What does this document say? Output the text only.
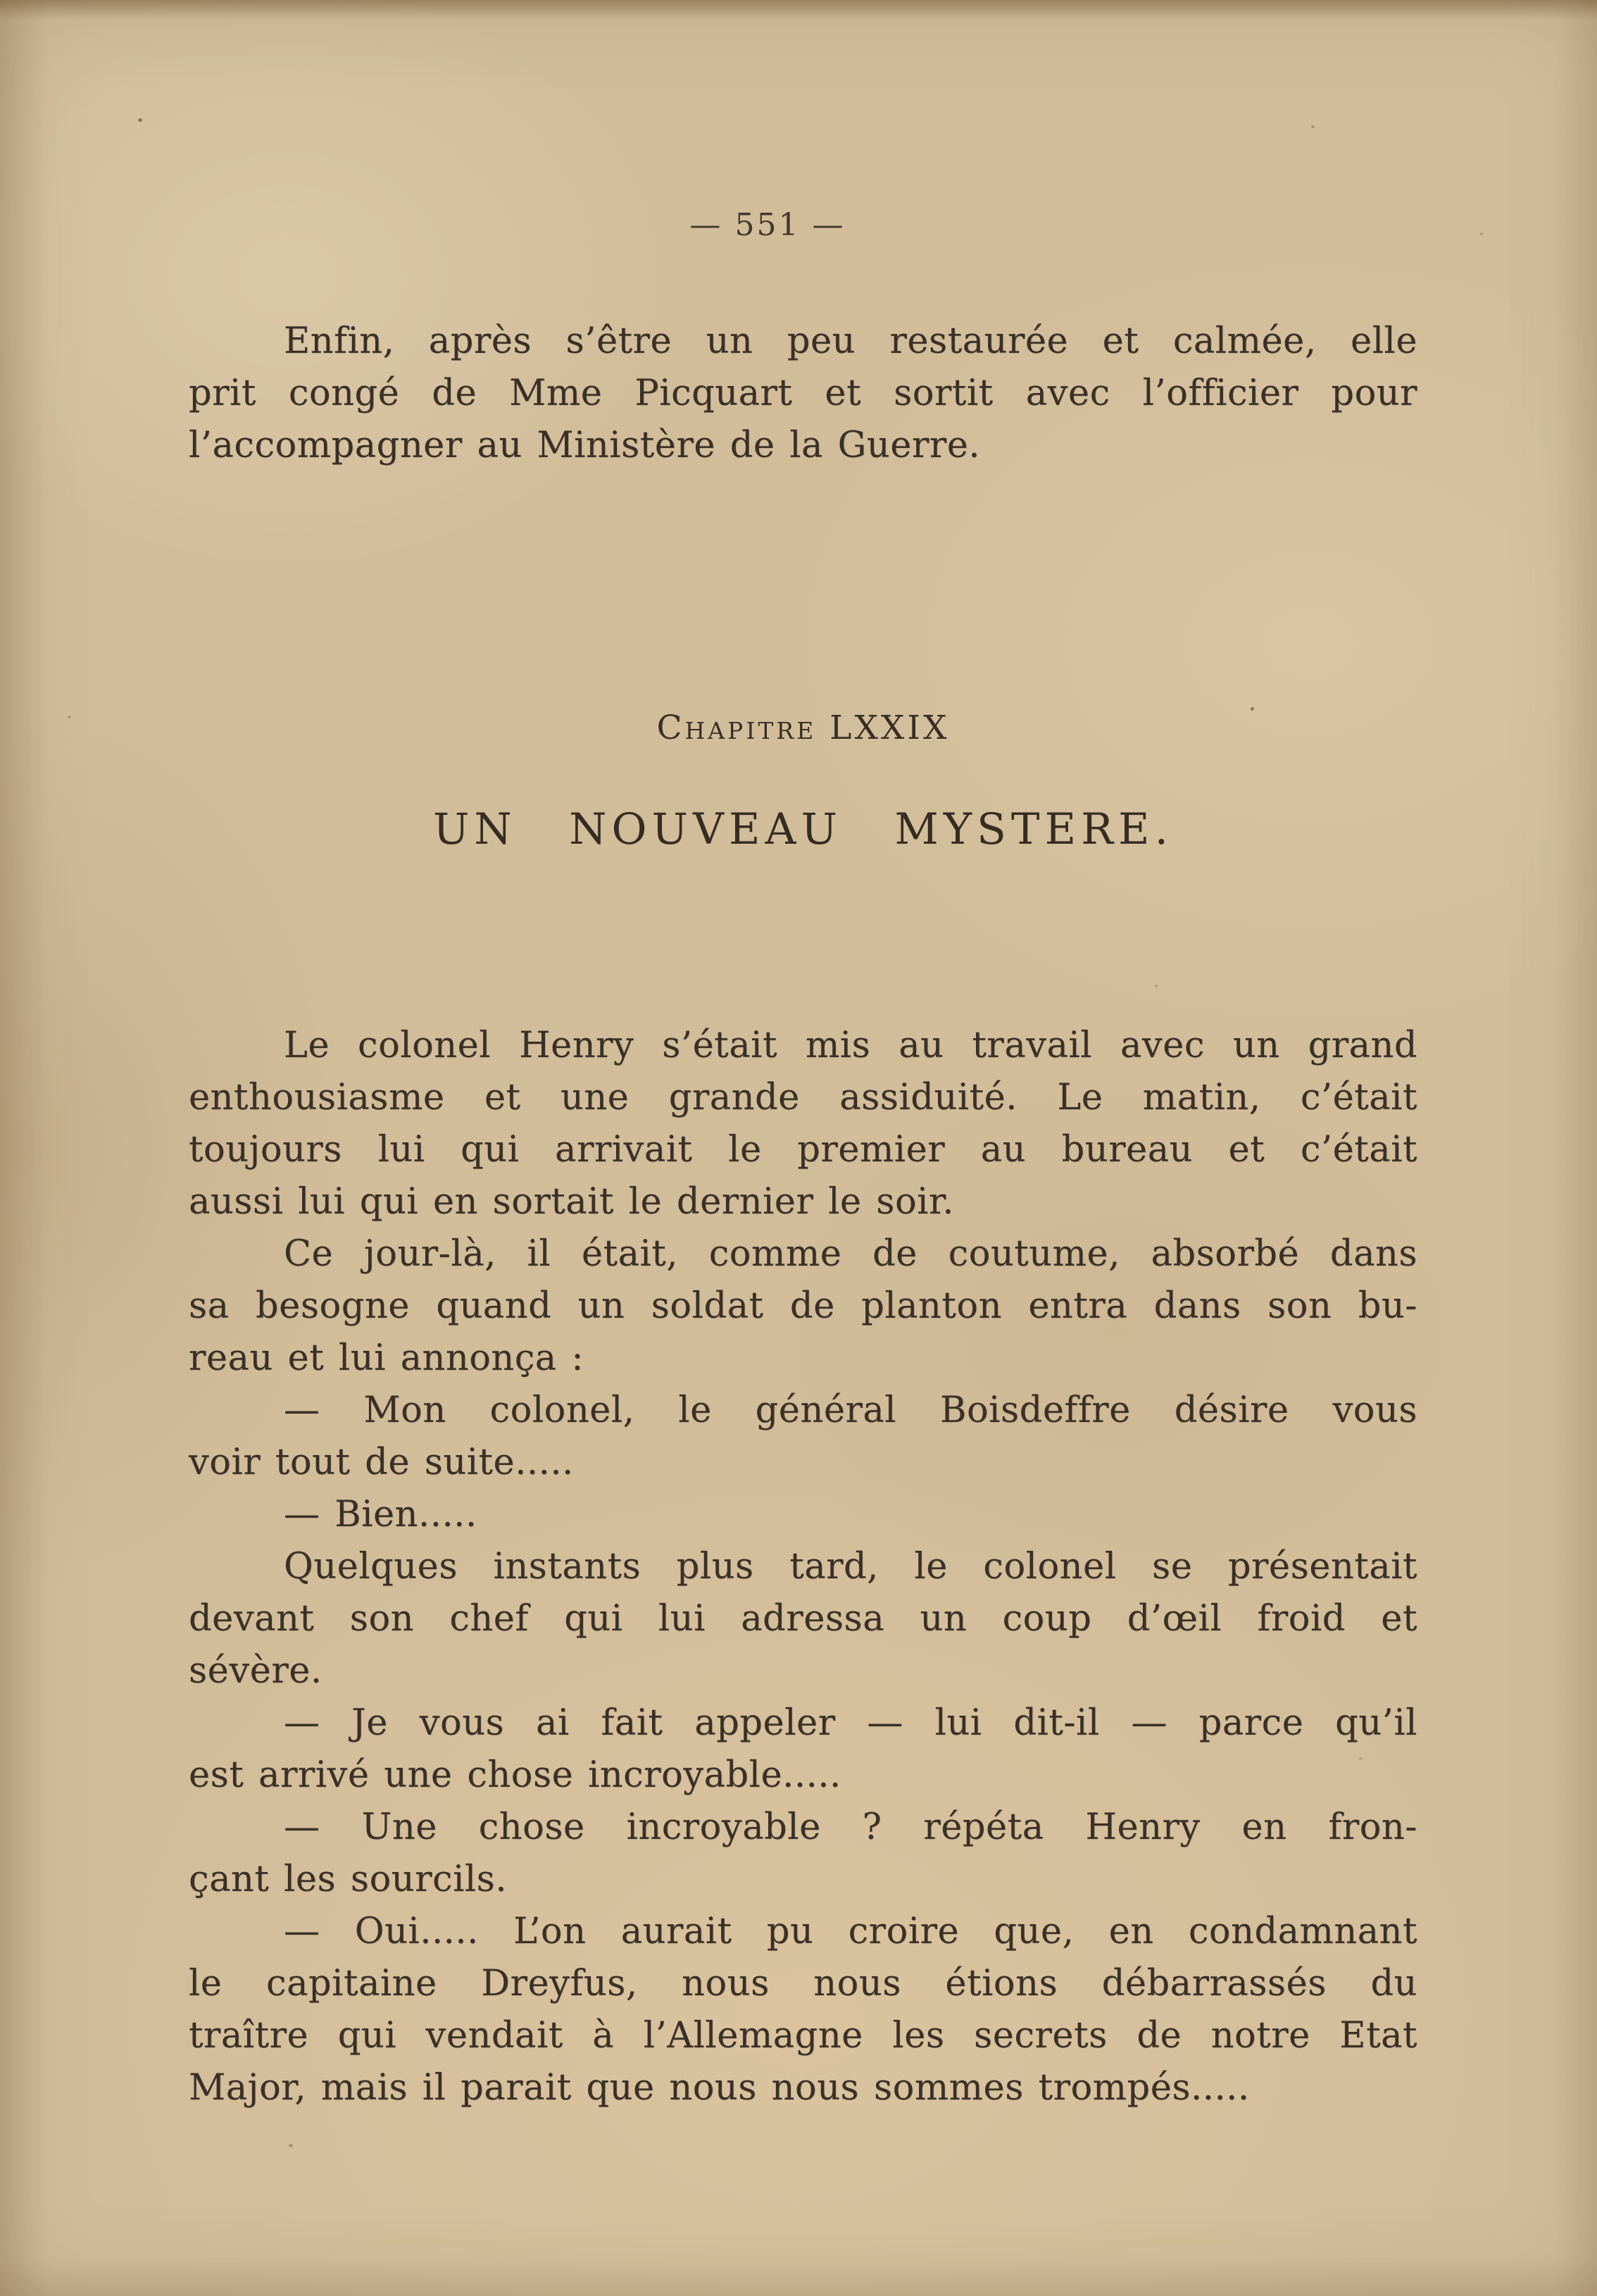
— 551 —
Enfin, après s’être un peu restaurée et calmée, elle
prit congé de Mme Picquart et sortit avec l’officier pour
l’accompagner au Ministère de la Guerre.
Chapitre LXXIX
UN NOUVEAU MYSTERE.
Le colonel Henry s’était mis au travail avec un grand
enthousiasme et une grande assiduité. Le matin, c’était
toujours lui qui arrivait le premier au bureau et c’était
aussi lui qui en sortait le dernier le soir.
Ce jour-là, il était, comme de coutume, absorbé dans
sa besogne quand un soldat de planton entra dans son bu-
reau et lui annonça :
— Mon colonel, le général Boisdeffre désire vous
voir tout de suite.....
— Bien.....
Quelques instants plus tard, le colonel se présentait
devant son chef qui lui adressa un coup d’œil froid et
sévère.
— Je vous ai fait appeler — lui dit-il — parce qu’il
est arrivé une chose incroyable.....
— Une chose incroyable ? répéta Henry en fron-
çant les sourcils.
— Oui..... L’on aurait pu croire que, en condamnant
le capitaine Dreyfus, nous nous étions débarrassés du
traître qui vendait à l’Allemagne les secrets de notre Etat
Major, mais il parait que nous nous sommes trompés.....
